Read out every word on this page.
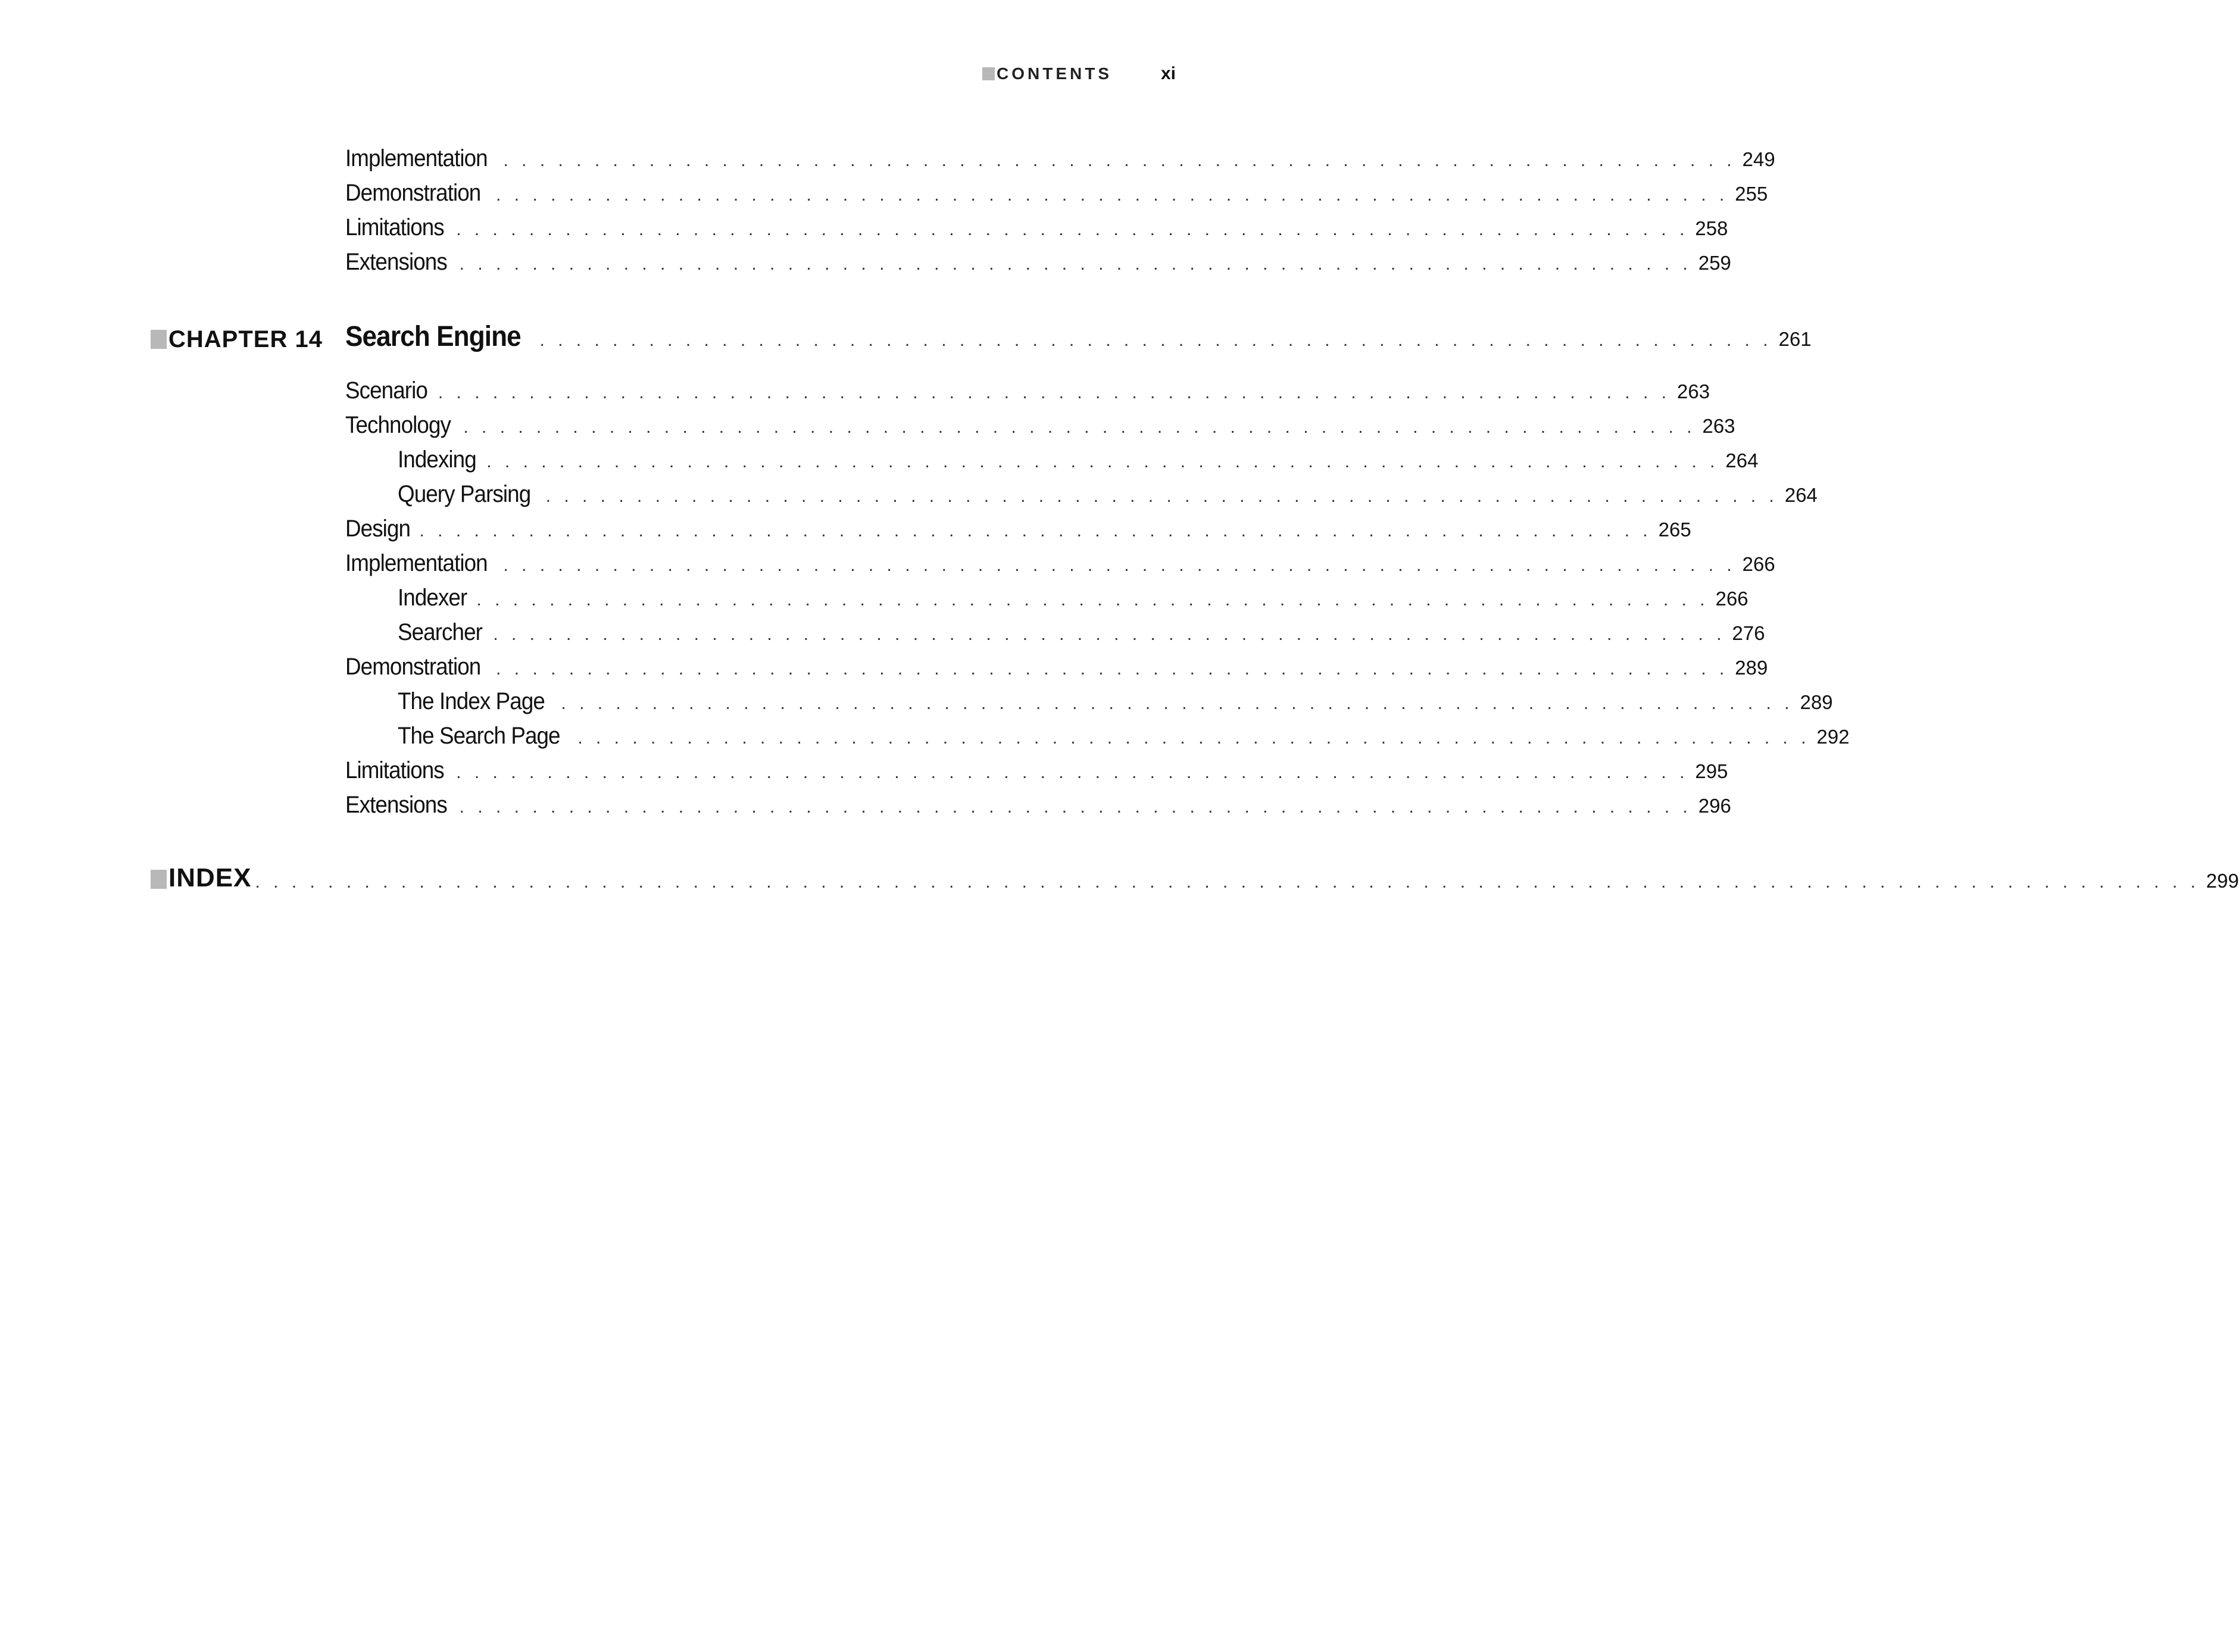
CONTENTS	xi
Implementation . . . . . . . . . . . . . . . . . . . . . . . . . . . . . . . . . . . . . . . . . . . . . . . . . . . . . . . . . . . . . . . . . . . . 249
Demonstration . . . . . . . . . . . . . . . . . . . . . . . . . . . . . . . . . . . . . . . . . . . . . . . . . . . . . . . . . . . . . . . . . . . . 255
Limitations . . . . . . . . . . . . . . . . . . . . . . . . . . . . . . . . . . . . . . . . . . . . . . . . . . . . . . . . . . . . . . . . . . . . 258
Extensions . . . . . . . . . . . . . . . . . . . . . . . . . . . . . . . . . . . . . . . . . . . . . . . . . . . . . . . . . . . . . . . . . . . . 259
CHAPTER 14 Search Engine . . . . . . . . . . . . . . . . . . . . . . . . . . . . . . . . . . . . . . . . . . . . . . . . . . . . . . . . . . . . . . . . . . . . 261
Scenario . . . . . . . . . . . . . . . . . . . . . . . . . . . . . . . . . . . . . . . . . . . . . . . . . . . . . . . . . . . . . . . . . . . . 263
Technology . . . . . . . . . . . . . . . . . . . . . . . . . . . . . . . . . . . . . . . . . . . . . . . . . . . . . . . . . . . . . . . . . . . . 263
Indexing . . . . . . . . . . . . . . . . . . . . . . . . . . . . . . . . . . . . . . . . . . . . . . . . . . . . . . . . . . . . . . . . . . . . 264
Query Parsing . . . . . . . . . . . . . . . . . . . . . . . . . . . . . . . . . . . . . . . . . . . . . . . . . . . . . . . . . . . . . . . . . . . . 264
Design . . . . . . . . . . . . . . . . . . . . . . . . . . . . . . . . . . . . . . . . . . . . . . . . . . . . . . . . . . . . . . . . . . . . 265
Implementation . . . . . . . . . . . . . . . . . . . . . . . . . . . . . . . . . . . . . . . . . . . . . . . . . . . . . . . . . . . . . . . . . . . . 266
Indexer . . . . . . . . . . . . . . . . . . . . . . . . . . . . . . . . . . . . . . . . . . . . . . . . . . . . . . . . . . . . . . . . . . . . 266
Searcher . . . . . . . . . . . . . . . . . . . . . . . . . . . . . . . . . . . . . . . . . . . . . . . . . . . . . . . . . . . . . . . . . . . . 276
Demonstration . . . . . . . . . . . . . . . . . . . . . . . . . . . . . . . . . . . . . . . . . . . . . . . . . . . . . . . . . . . . . . . . . . . . 289
The Index Page . . . . . . . . . . . . . . . . . . . . . . . . . . . . . . . . . . . . . . . . . . . . . . . . . . . . . . . . . . . . . . . . . . . . 289
The Search Page . . . . . . . . . . . . . . . . . . . . . . . . . . . . . . . . . . . . . . . . . . . . . . . . . . . . . . . . . . . . . . . . . . . . 292
Limitations . . . . . . . . . . . . . . . . . . . . . . . . . . . . . . . . . . . . . . . . . . . . . . . . . . . . . . . . . . . . . . . . . . . . 295
Extensions . . . . . . . . . . . . . . . . . . . . . . . . . . . . . . . . . . . . . . . . . . . . . . . . . . . . . . . . . . . . . . . . . . . . 296
INDEX . . . . . . . . . . . . . . . . . . . . . . . . . . . . . . . . . . . . . . . . . . . . . . . . . . . . . . . . . . . . . . . . . . . . . . . . . . . . . . . . . . . . . . . . . . . . . . . . . . . . . . . . . . . 299
